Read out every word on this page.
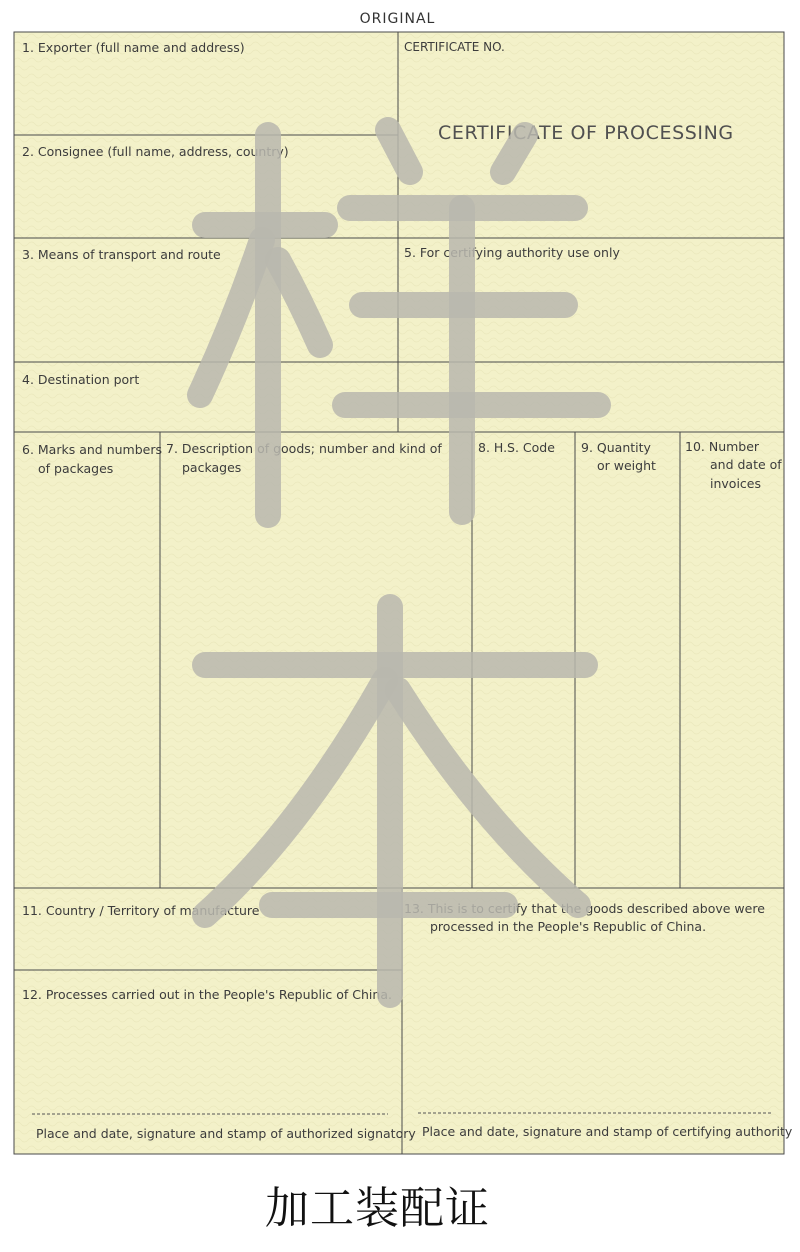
ORIGINAL
CERTIFICATE NO.
CERTIFICATE OF PROCESSING
1. Exporter (full name and address)
2. Consignee (full name, address, country)
3. Means of transport and route	5. For certifying authority use only
4. Destination port
6. Marks and numbers
of packages
7. Description of goods; number and kind of
packages
8. H.S. Code 9. Quantity
or weight
10. Number
and date of
invoices
11. Country / Territory of manufacture	13. This is to certify that the goods described above were
processed in the People's Republic of China.
12. Processes carried out in the People's Republic of China.
Place and date, signature and stamp of authorized signatory Place and date, signature and stamp of certifying authority
加工装配证
